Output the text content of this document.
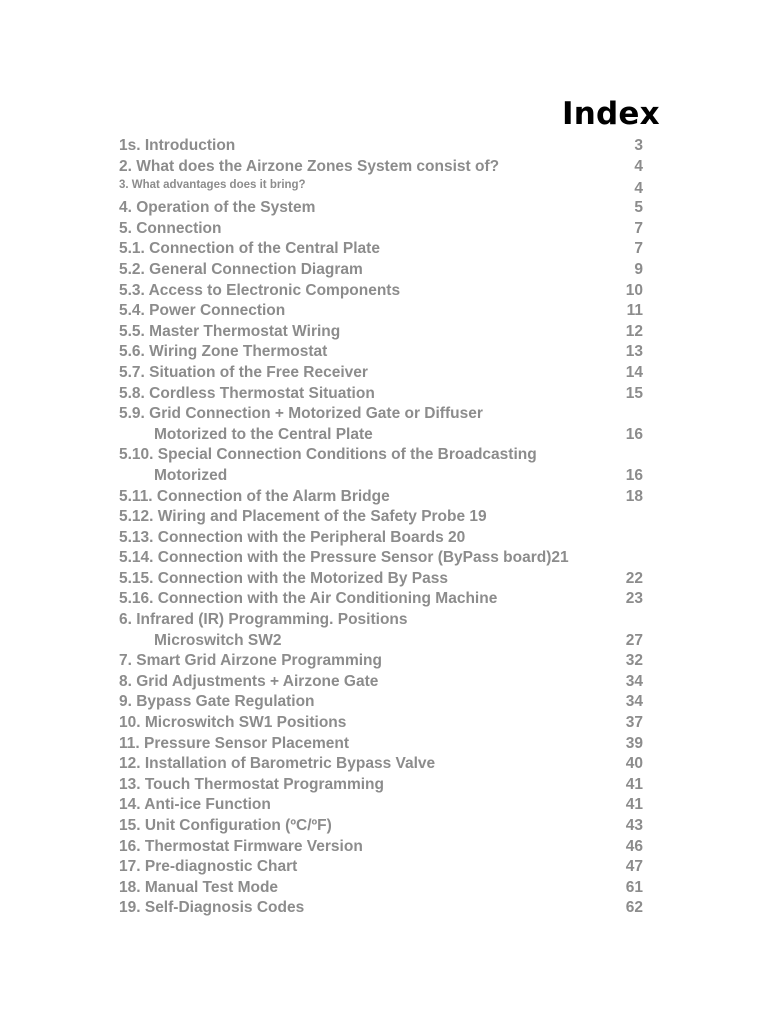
Index
1s. Introduction	3
2. What does the Airzone Zones System consist of?	4
3. What advantages does it bring?	4
4. Operation of the System	5
5. Connection	7
5.1. Connection of the Central Plate	7
5.2. General Connection Diagram	9
5.3. Access to Electronic Components	10
5.4. Power Connection	11
5.5. Master Thermostat Wiring	12
5.6. Wiring Zone Thermostat	13
5.7. Situation of the Free Receiver	14
5.8. Cordless Thermostat Situation	15
5.9. Grid Connection + Motorized Gate or Diffuser
Motorized to the Central Plate	16
5.10. Special Connection Conditions of the Broadcasting
Motorized	16
5.11. Connection of the Alarm Bridge	18
5.12. Wiring and Placement of the Safety Probe 19
5.13. Connection with the Peripheral Boards 20
5.14. Connection with the Pressure Sensor (ByPass board)21
5.15. Connection with the Motorized By Pass	22
5.16. Connection with the Air Conditioning Machine	23
6. Infrared (IR) Programming. Positions
Microswitch SW2	27
7. Smart Grid Airzone Programming	32
8. Grid Adjustments + Airzone Gate	34
9. Bypass Gate Regulation	34
10. Microswitch SW1 Positions	37
11. Pressure Sensor Placement	39
12. Installation of Barometric Bypass Valve	40
13. Touch Thermostat Programming	41
14. Anti-ice Function	41
15. Unit Configuration (ºC/ºF)	43
16. Thermostat Firmware Version	46
17. Pre-diagnostic Chart	47
18. Manual Test Mode	61
19. Self-Diagnosis Codes	62
